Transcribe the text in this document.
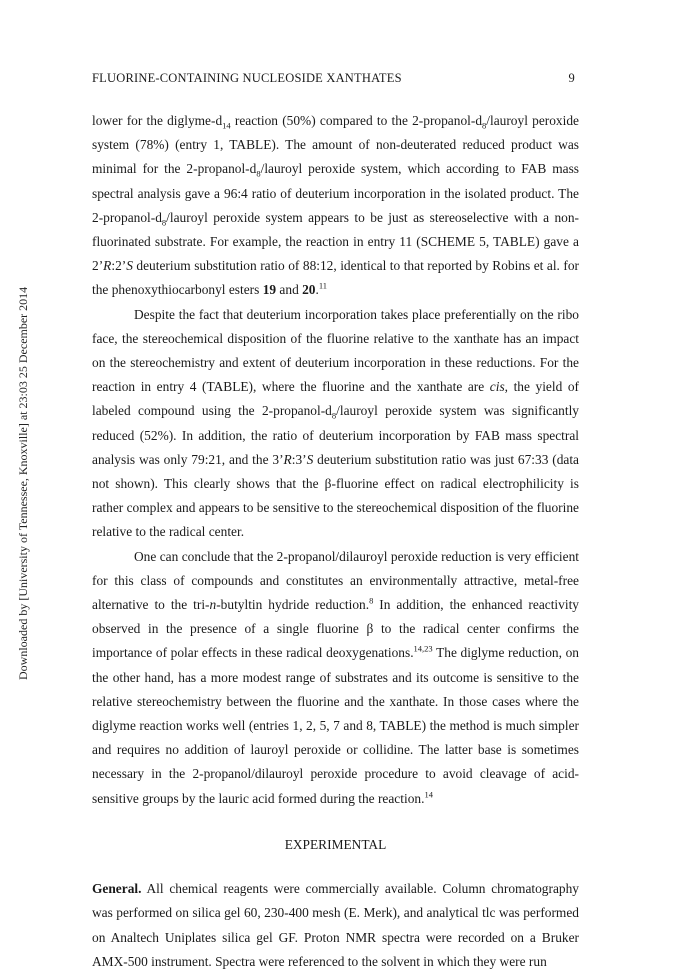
FLUORINE-CONTAINING NUCLEOSIDE XANTHATES	9
Downloaded by [University of Tennessee, Knoxville] at 23:03 25 December 2014

lower for the diglyme-$d_{14}$ reaction (50%) compared to the $2-propanol-d_8$/lauroyl peroxide system (78%) (entry 1, TABLE). The amount of non-deuterated reduced product was minimal for the $2-propanol-d_8$/lauroyl peroxide system, which according to FAB mass spectral analysis gave a 96:4 ratio of deuterium incorporation in the isolated product. The $2-propanol-d_8$/lauroyl peroxide system appears to be just as stereoselective with a non-fluorinated substrate. For example, the reaction in entry 11 (SCHEME 5, TABLE) gave a 2’R:2’S deuterium substitution ratio of 88:12, identical to that reported by Robins et al. for the phenoxythiocarbonyl esters 19 and 20.11

Despite the fact that deuterium incorporation takes place preferentially on the ribo face, the stereochemical disposition of the fluorine relative to the xanthate has an impact on the stereochemistry and extent of deuterium incorporation in these reductions. For the reaction in entry 4 (TABLE), where the fluorine and the xanthate are cis, the yield of labeled compound using the $2-propanol-d_8$/lauroyl peroxide system was significantly reduced (52%). In addition, the ratio of deuterium incorporation by FAB mass spectral analysis was only 79:21, and the 3’R:3’S deuterium substitution ratio was just 67:33 (data not shown). This clearly shows that the β-fluorine effect on radical electrophilicity is rather complex and appears to be sensitive to the stereochemical disposition of the fluorine relative to the radical center.

One can conclude that the 2-propanol/dilauroyl peroxide reduction is very efficient for this class of compounds and constitutes an environmentally attractive, metal-free alternative to the tri-n-butyltin hydride reduction.$^8$ In addition, the enhanced reactivity observed in the presence of a single fluorine β to the radical center confirms the importance of polar effects in these radical deoxygenations.$^{14,23}$ The diglyme reduction, on the other hand, has a more modest range of substrates and its outcome is sensitive to the relative stereochemistry between the fluorine and the xanthate. In those cases where the diglyme reaction works well (entries 1, 2, 5, 7 and 8, TABLE) the method is much simpler and requires no addition of lauroyl peroxide or collidine. The latter base is sometimes necessary in the 2-propanol/dilauroyl peroxide procedure to avoid cleavage of acid-sensitive groups by the lauric acid formed during the reaction.$^{14}$

EXPERIMENTAL

General. All chemical reagents were commercially available. Column chromatography was performed on silica gel 60, 230-400 mesh (E. Merk), and analytical tlc was performed on Analtech Uniplates silica gel GF. Proton NMR spectra were recorded on a Bruker AMX-500 instrument. Spectra were referenced to the solvent in which they were run
